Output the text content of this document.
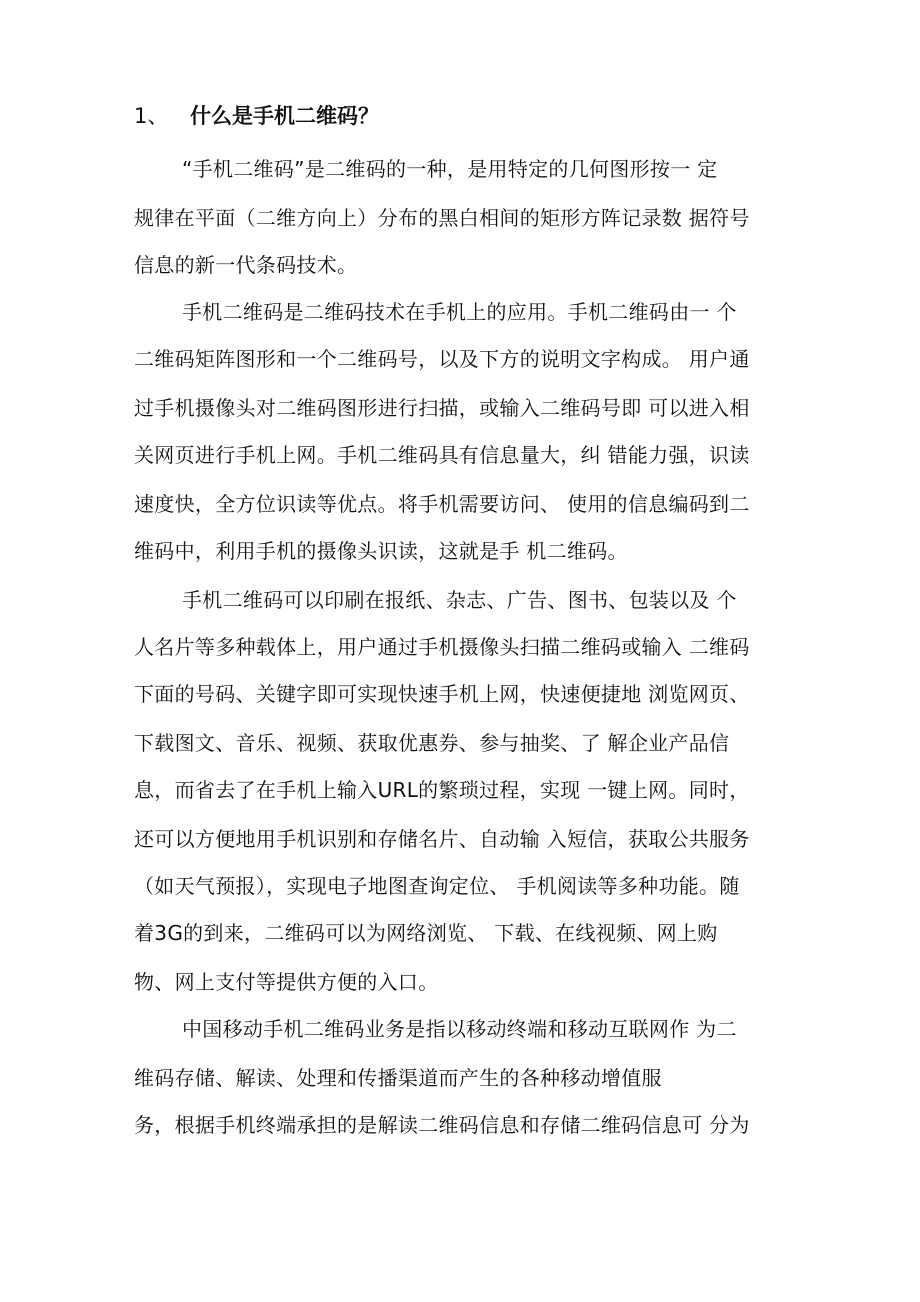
1、 什么是手机二维码？
“手机二维码”是二维码的一种，是用特定的几何图形按一 定
规律在平面（二维方向上）分布的黑白相间的矩形方阵记录数 据符号
信息的新一代条码技术。
手机二维码是二维码技术在手机上的应用。手机二维码由一 个
二维码矩阵图形和一个二维码号，以及下方的说明文字构成。 用户通
过手机摄像头对二维码图形进行扫描，或输入二维码号即 可以进入相
关网页进行手机上网。手机二维码具有信息量大，纠 错能力强，识读
速度快，全方位识读等优点。将手机需要访问、 使用的信息编码到二
维码中，利用手机的摄像头识读，这就是手 机二维码。
手机二维码可以印刷在报纸、杂志、广告、图书、包装以及 个
人名片等多种载体上，用户通过手机摄像头扫描二维码或输入 二维码
下面的号码、关键字即可实现快速手机上网，快速便捷地 浏览网页、
下载图文、音乐、视频、获取优惠券、参与抽奖、了 解企业产品信
息，而省去了在手机上输入URL的繁琐过程，实现 一键上网。同时，
还可以方便地用手机识别和存储名片、自动输 入短信，获取公共服务
（如天气预报），实现电子地图查询定位、 手机阅读等多种功能。随
着3G的到来，二维码可以为网络浏览、 下载、在线视频、网上购
物、网上支付等提供方便的入口。
中国移动手机二维码业务是指以移动终端和移动互联网作 为二
维码存储、解读、处理和传播渠道而产生的各种移动增值服
务，根据手机终端承担的是解读二维码信息和存储二维码信息可 分为
